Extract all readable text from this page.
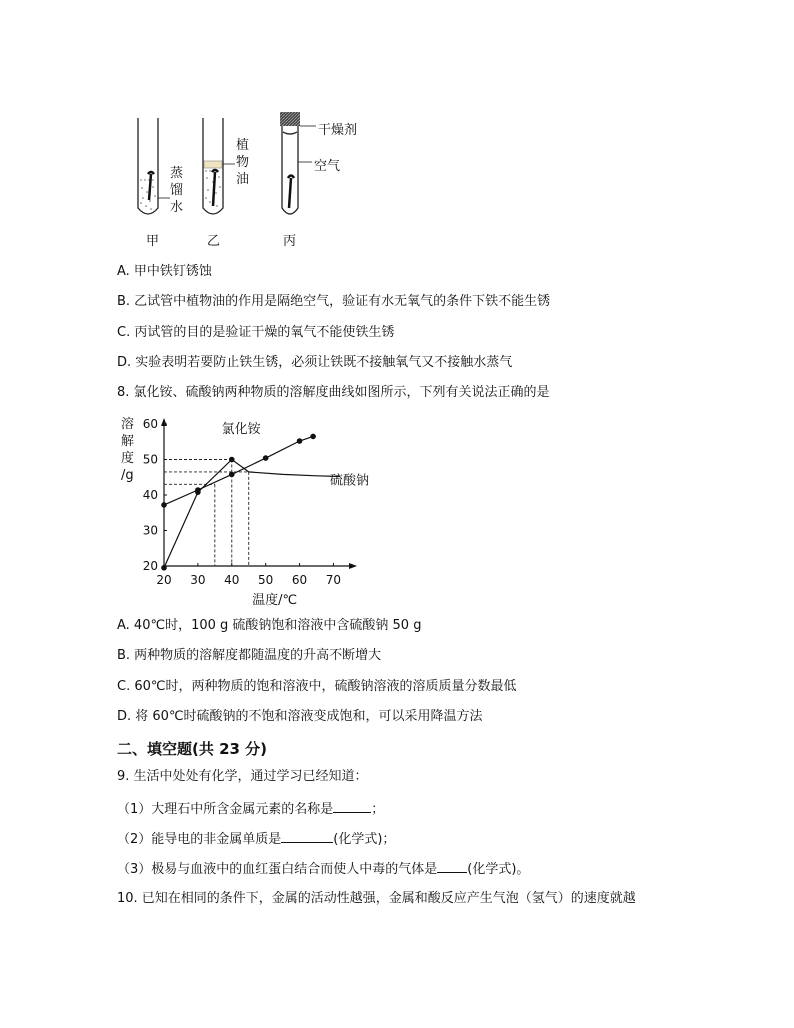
蒸
馏
水
植
物
油
干燥剂
空气
甲	乙	丙
A. 甲中铁钉锈蚀
B. 乙试管中植物油的作用是隔绝空气，验证有水无氧气的条件下铁不能生锈
C. 丙试管的目的是验证干燥的氧气不能使铁生锈
D. 实验表明若要防止铁生锈，必须让铁既不接触氧气又不接触水蒸气
8. 氯化铵、硫酸钠两种物质的溶解度曲线如图所示，下列有关说法正确的是
溶
解
度
/g
氯化铵
硫酸钠
20 30 40 50 60 70
20
30
40
50
60
温度/℃
A. 40℃时，100 g 硫酸钠饱和溶液中含硫酸钠 50 g
B. 两种物质的溶解度都随温度的升高不断增大
C. 60℃时，两种物质的饱和溶液中，硫酸钠溶液的溶质质量分数最低
D. 将 60℃时硫酸钠的不饱和溶液变成饱和，可以采用降温方法
二、填空题(共 23 分)
9. 生活中处处有化学，通过学习已经知道：
（1）大理石中所含金属元素的名称是	；
（2）能导电的非金属单质是	(化学式)；
（3）极易与血液中的血红蛋白结合而使人中毒的气体是 (化学式)。
10. 已知在相同的条件下，金属的活动性越强，金属和酸反应产生气泡（氢气）的速度就越
